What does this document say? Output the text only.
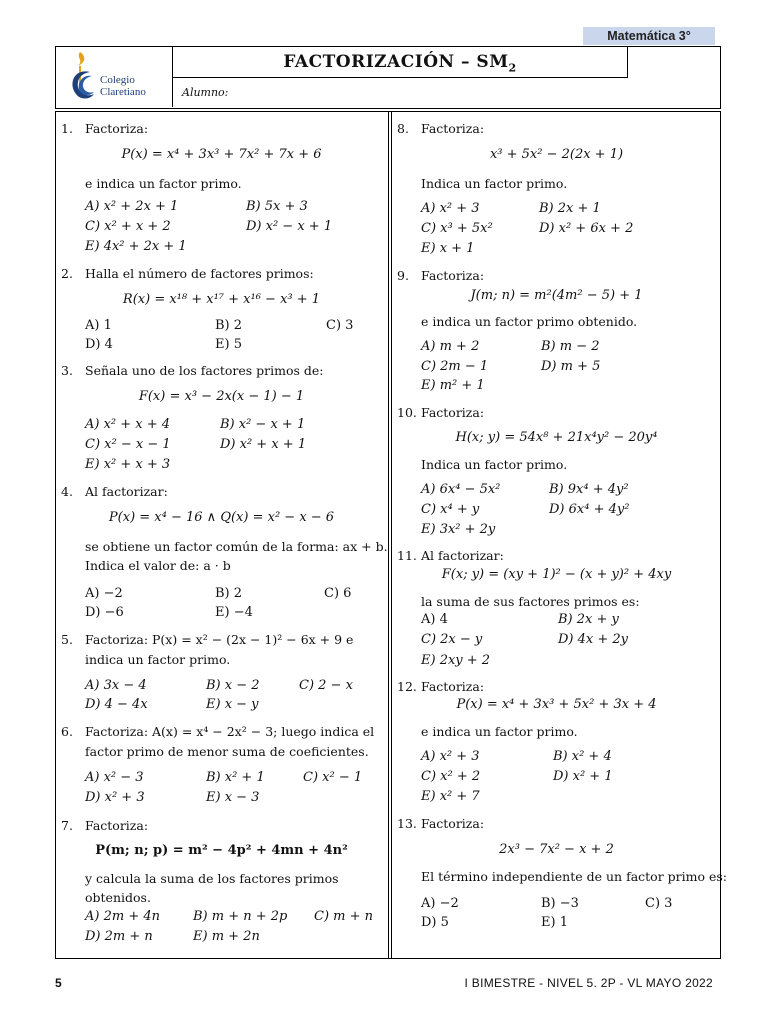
Matemática 3°
Colegio
Claretiano
FACTORIZACIÓN – $SM_2$
Alumno:
1. Factoriza:
P(x) = x⁴ + 3x³ + 7x² + 7x + 6
e indica un factor primo.
A) x² + 2x + 1	B) 5x + 3
C) x² + x + 2	D) x² − x + 1
E) 4x² + 2x + 1
2. Halla el número de factores primos:
R(x) = x¹⁸ + x¹⁷ + x¹⁶ − x³ + 1
A) 1	B) 2	C) 3
D) 4	E) 5
3. Señala uno de los factores primos de:
F(x) = x³ − 2x(x − 1) − 1
A) x² + x + 4	B) x² − x + 1
C) x² − x − 1	D) x² + x + 1
E) x² + x + 3
4. Al factorizar:
P(x) = x⁴ − 16 ∧ Q(x) = x² − x − 6
se obtiene un factor común de la forma: ax + b.
Indica el valor de: a · b
A) −2	B) 2	C) 6
D) −6	E) −4
5. Factoriza: P(x) = x² − (2x − 1)² − 6x + 9 e
indica un factor primo.
A) 3x − 4	B) x − 2	C) 2 − x
D) 4 − 4x	E) x − y
6. Factoriza: A(x) = x⁴ − 2x² − 3; luego indica el
factor primo de menor suma de coeficientes.
A) x² − 3	B) x² + 1	C) x² − 1
D) x² + 3	E) x − 3
7. Factoriza:
P(m; n; p) = m² − 4p² + 4mn + 4n²
y calcula la suma de los factores primos
obtenidos.
A) 2m + 4n	B) m + n + 2p C) m + n
D) 2m + n	E) m + 2n
8. Factoriza:
x³ + 5x² − 2(2x + 1)
Indica un factor primo.
A) x² + 3	B) 2x + 1
C) x³ + 5x²	D) x² + 6x + 2
E) x + 1
9. Factoriza:
J(m; n) = m²(4m² − 5) + 1
e indica un factor primo obtenido.
A) m + 2	B) m − 2
C) 2m − 1	D) m + 5
E) m² + 1
10. Factoriza:
H(x; y) = 54x⁸ + 21x⁴y² − 20y⁴
Indica un factor primo.
A) 6x⁴ − 5x²	B) 9x⁴ + 4y²
C) x⁴ + y	D) 6x⁴ + 4y²
E) 3x² + 2y
11. Al factorizar:
F(x; y) = (xy + 1)² − (x + y)² + 4xy
la suma de sus factores primos es:
A) 4	B) 2x + y
C) 2x − y	D) 4x + 2y
E) 2xy + 2
12. Factoriza:
P(x) = x⁴ + 3x³ + 5x² + 3x + 4
e indica un factor primo.
A) x² + 3	B) x² + 4
C) x² + 2	D) x² + 1
E) x² + 7
13. Factoriza:
2x³ − 7x² − x + 2
El término independiente de un factor primo es:
A) −2	B) −3	C) 3
D) 5	E) 1
5	I BIMESTRE - NIVEL 5. 2P - VL MAYO 2022
